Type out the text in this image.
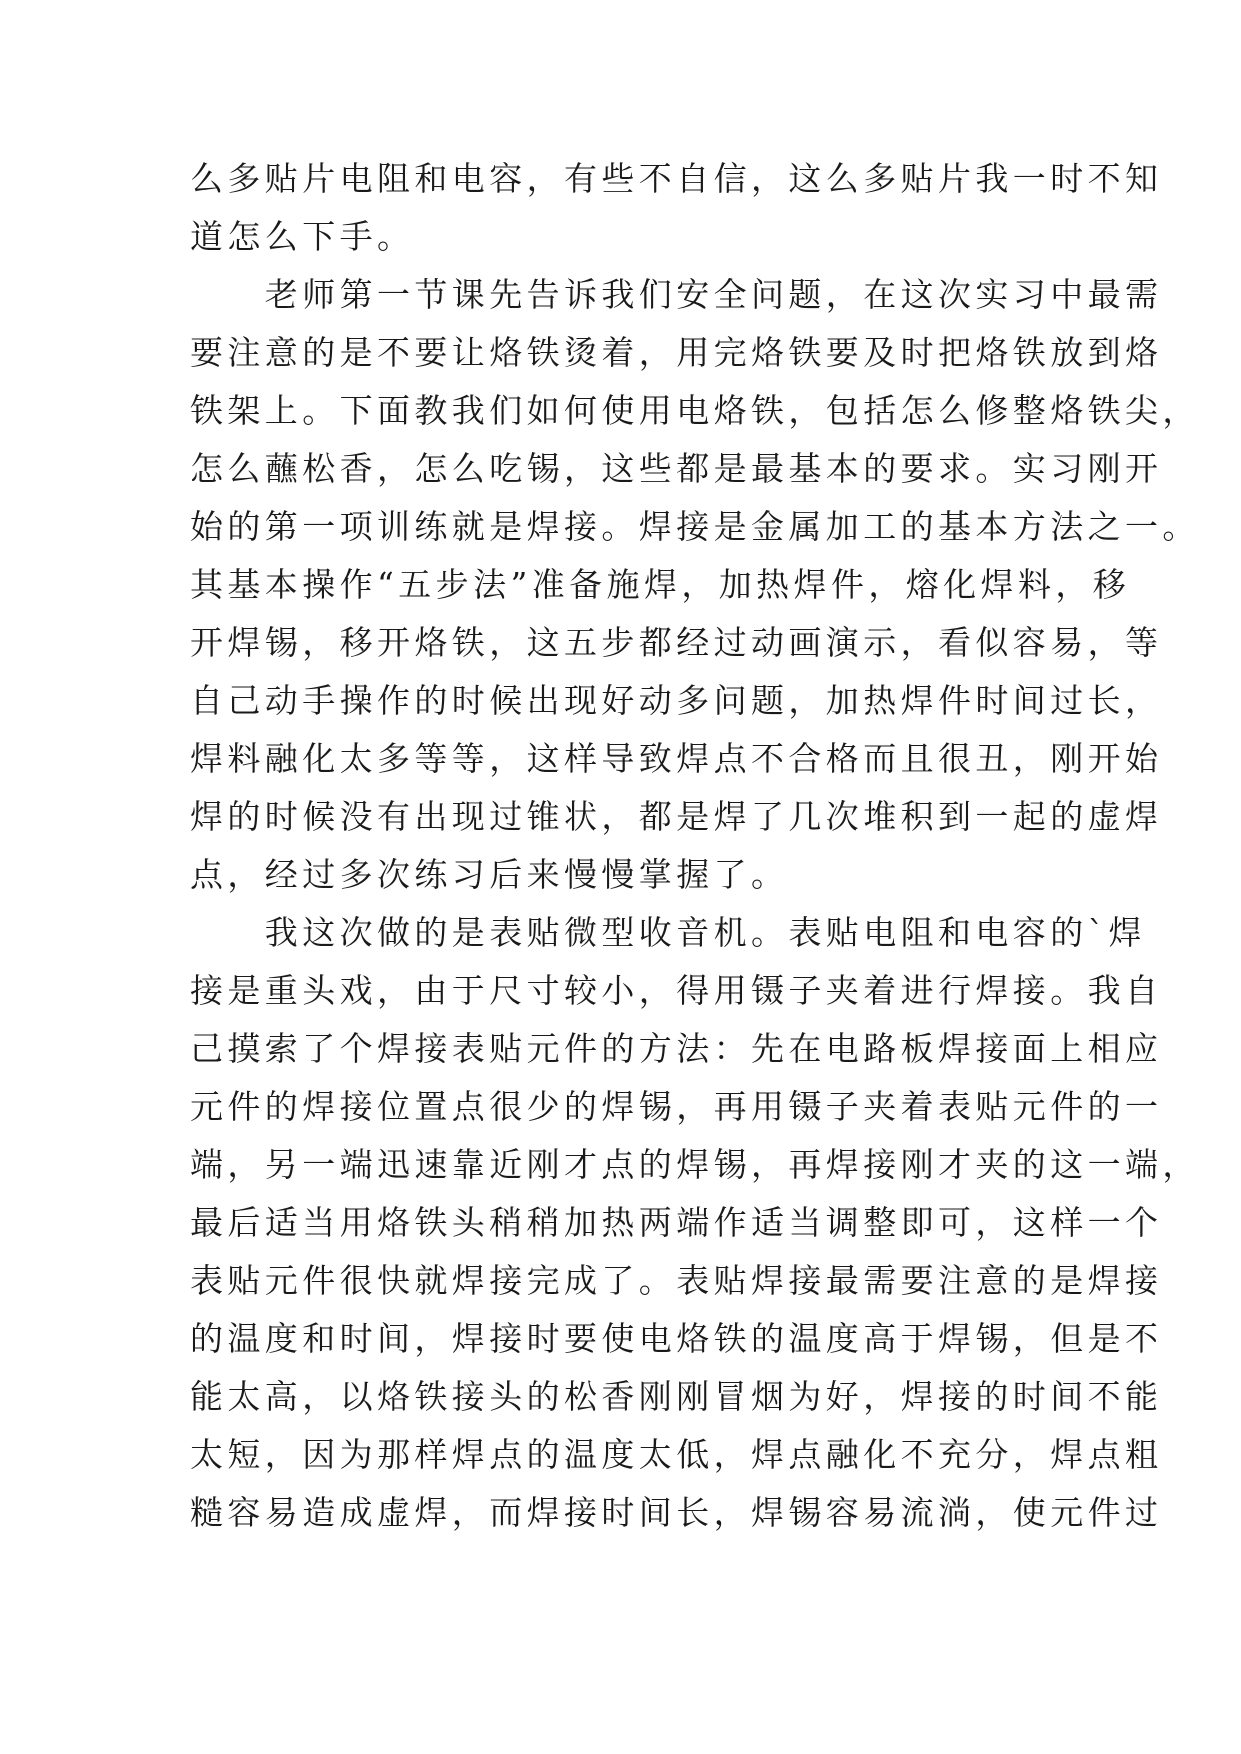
么多贴片电阻和电容，有些不自信，这么多贴片我一时不知
道怎么下手。
　　老师第一节课先告诉我们安全问题，在这次实习中最需
要注意的是不要让烙铁烫着，用完烙铁要及时把烙铁放到烙
铁架上。下面教我们如何使用电烙铁，包括怎么修整烙铁尖，
怎么蘸松香，怎么吃锡，这些都是最基本的要求。实习刚开
始的第一项训练就是焊接。焊接是金属加工的基本方法之一。
其基本操作“五步法”准备施焊，加热焊件，熔化焊料，移
开焊锡，移开烙铁，这五步都经过动画演示，看似容易，等
自己动手操作的时候出现好动多问题，加热焊件时间过长，
焊料融化太多等等，这样导致焊点不合格而且很丑，刚开始
焊的时候没有出现过锥状，都是焊了几次堆积到一起的虚焊
点，经过多次练习后来慢慢掌握了。
　　我这次做的是表贴微型收音机。表贴电阻和电容的`焊
接是重头戏，由于尺寸较小，得用镊子夹着进行焊接。我自
己摸索了个焊接表贴元件的方法：先在电路板焊接面上相应
元件的焊接位置点很少的焊锡，再用镊子夹着表贴元件的一
端，另一端迅速靠近刚才点的焊锡，再焊接刚才夹的这一端，
最后适当用烙铁头稍稍加热两端作适当调整即可，这样一个
表贴元件很快就焊接完成了。表贴焊接最需要注意的是焊接
的温度和时间，焊接时要使电烙铁的温度高于焊锡，但是不
能太高，以烙铁接头的松香刚刚冒烟为好，焊接的时间不能
太短，因为那样焊点的温度太低，焊点融化不充分，焊点粗
糙容易造成虚焊，而焊接时间长，焊锡容易流淌，使元件过
